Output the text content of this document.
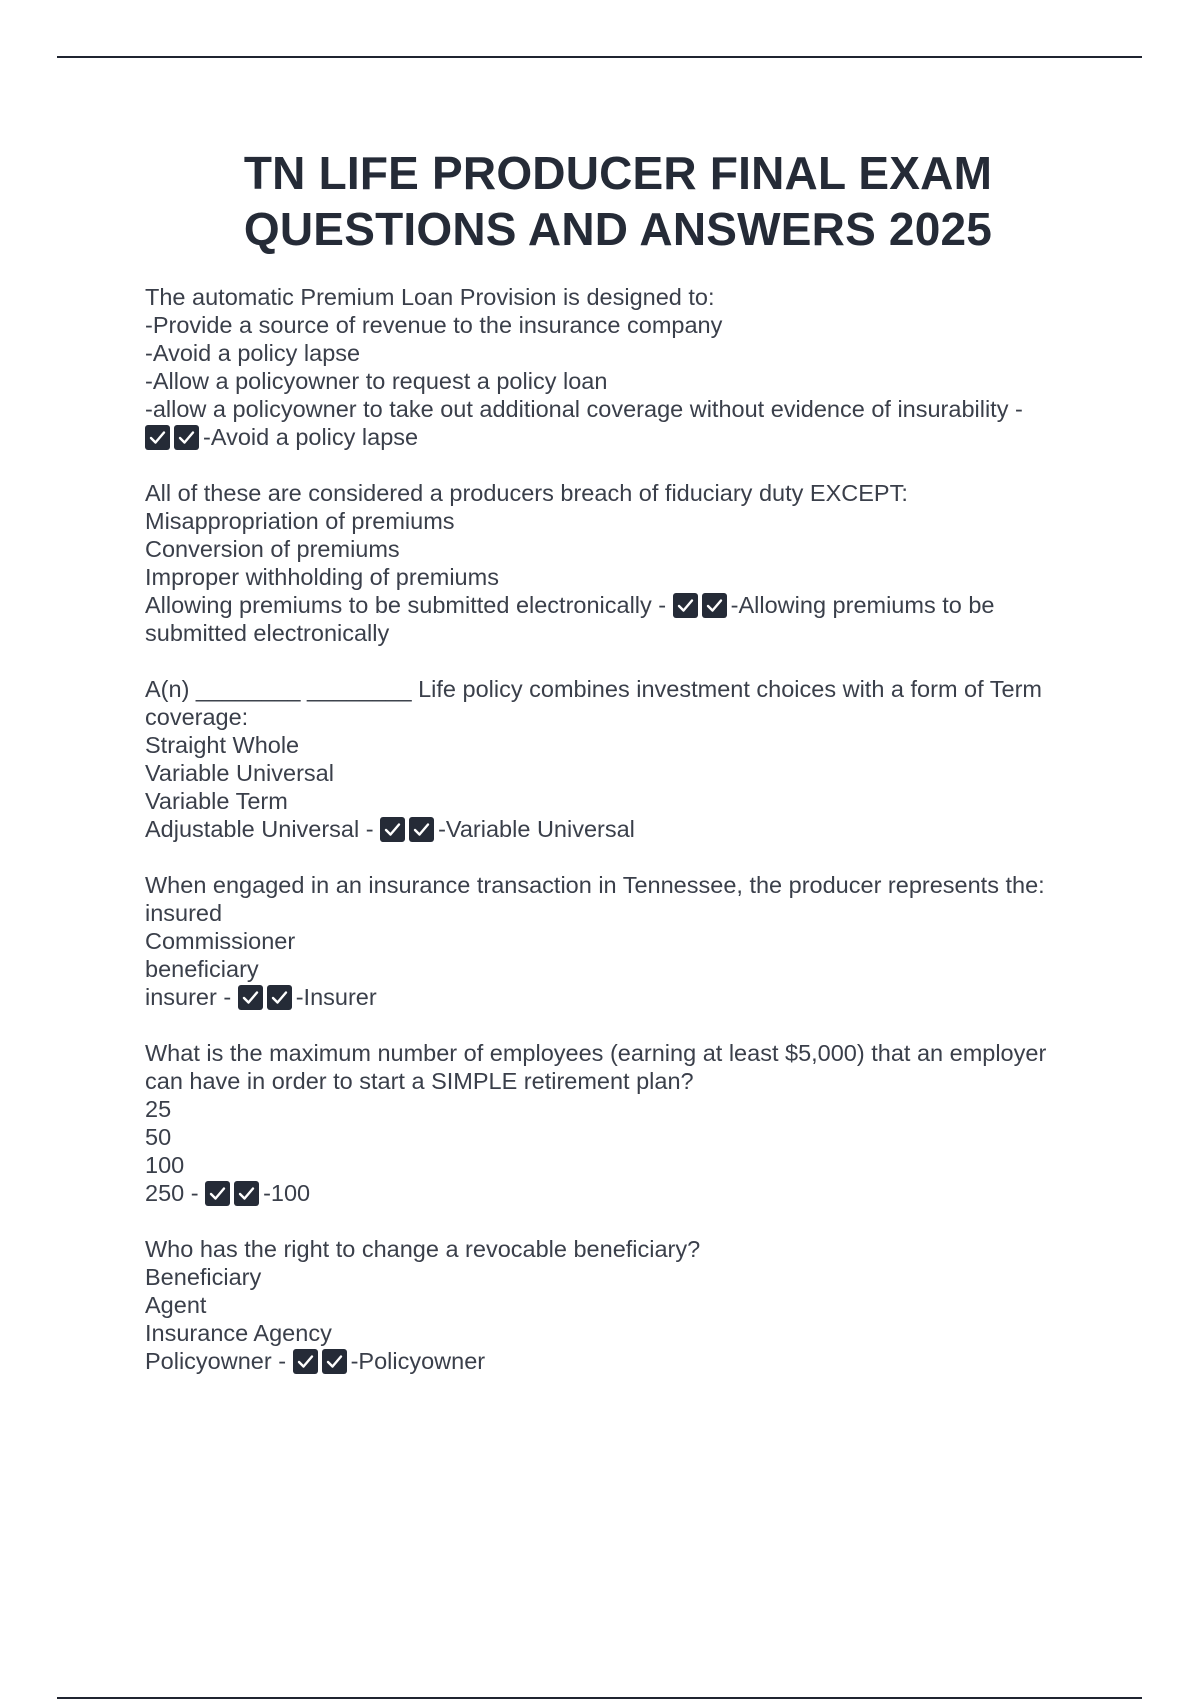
TN LIFE PRODUCER FINAL EXAM
QUESTIONS AND ANSWERS 2025
The automatic Premium Loan Provision is designed to:
-Provide a source of revenue to the insurance company
-Avoid a policy lapse
-Allow a policyowner to request a policy loan
-allow a policyowner to take out additional coverage without evidence of insurability -
-Avoid a policy lapse
All of these are considered a producers breach of fiduciary duty EXCEPT:
Misappropriation of premiums
Conversion of premiums
Improper withholding of premiums
Allowing premiums to be submitted electronically -
-Allowing premiums to be
submitted electronically
A(n) ________ ________ Life policy combines investment choices with a form of Term
coverage:
Straight Whole
Variable Universal
Variable Term
Adjustable Universal -
-Variable Universal
When engaged in an insurance transaction in Tennessee, the producer represents the:
insured
Commissioner
beneficiary
insurer -
-Insurer
What is the maximum number of employees (earning at least $5,000) that an employer
can have in order to start a SIMPLE retirement plan?
25
50
100
250 -
-100
Who has the right to change a revocable beneficiary?
Beneficiary
Agent
Insurance Agency
Policyowner -
-Policyowner
